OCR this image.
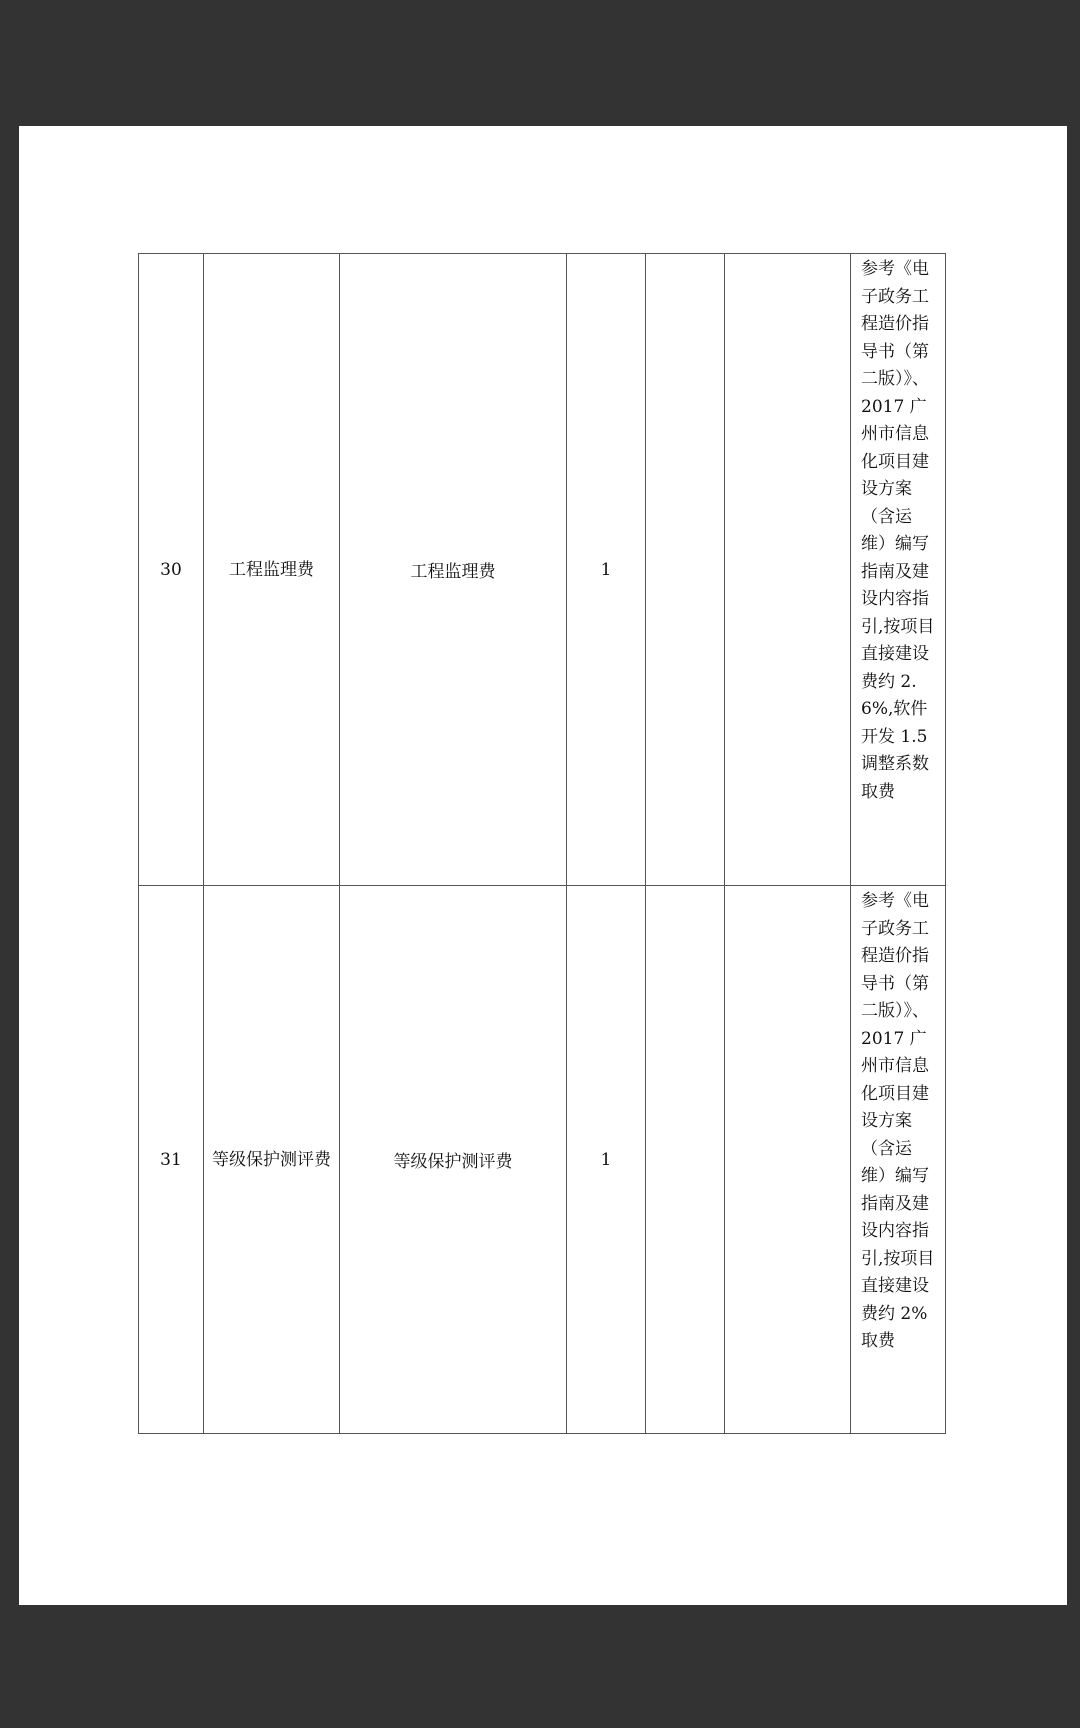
30	工程监理费	工程监理费	1			参考《电子政务工程造价指导书（第二版）》、2017 广州市信息化项目建设方案（含运维）编写指南及建设内容指引,按项目直接建设费约 2.6%,软件开发 1.5 调整系数取费

31	等级保护测评费	等级保护测评费	1			参考《电子政务工程造价指导书（第二版）》、2017 广州市信息化项目建设方案（含运维）编写指南及建设内容指引,按项目直接建设费约 2%取费
